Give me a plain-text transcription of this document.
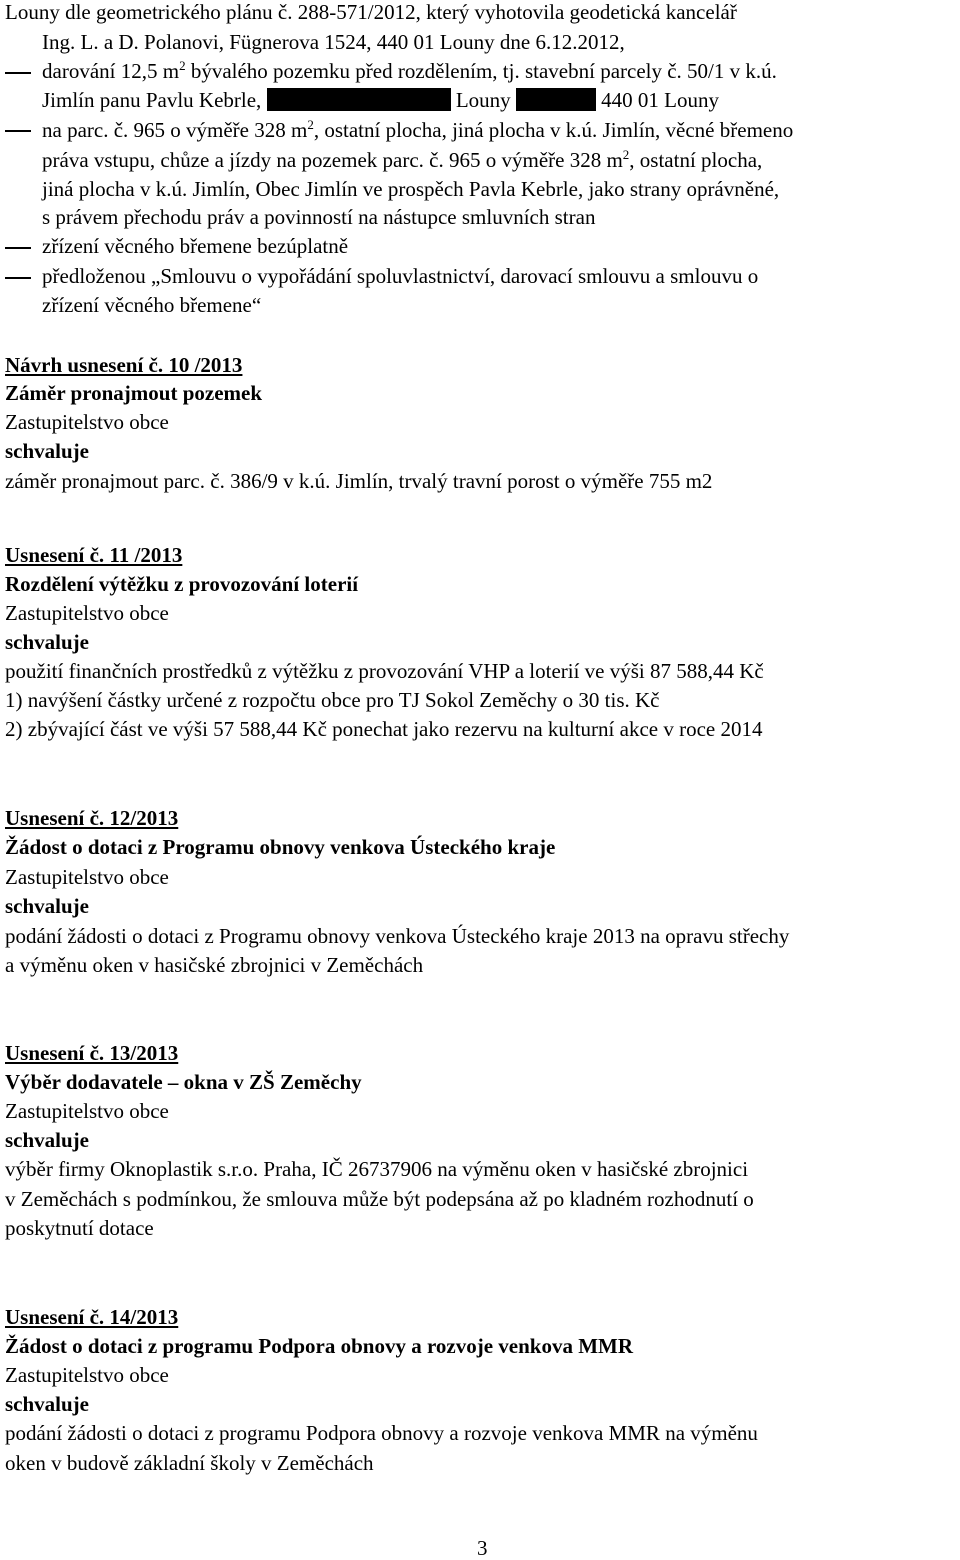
Louny dle geometrického plánu č. 288-571/2012, který vyhotovila geodetická kancelář
Ing. L. a D. Polanovi, Fügnerova 1524, 440 01 Louny dne 6.12.2012,
darování 12,5 $m^2$ bývalého pozemku před rozdělením, tj. stavební parcely č. 50/1 v k.ú.
Jimlín panu Pavlu Kebrle,	Louny	440 01 Louny
na parc. č. 965 o výměře 328 $m^2$, ostatní plocha, jiná plocha v k.ú. Jimlín, věcné břemeno
práva vstupu, chůze a jízdy na pozemek parc. č. 965 o výměře 328 $m^2$, ostatní plocha,
jiná plocha v k.ú. Jimlín, Obec Jimlín ve prospěch Pavla Kebrle, jako strany oprávněné,
s právem přechodu práv a povinností na nástupce smluvních stran
zřízení věcného břemene bezúplatně
předloženou „Smlouvu o vypořádání spoluvlastnictví, darovací smlouvu a smlouvu o
zřízení věcného břemene“
Návrh usnesení č. 10 /2013
Záměr pronajmout pozemek
Zastupitelstvo obce
schvaluje
záměr pronajmout parc. č. 386/9 v k.ú. Jimlín, trvalý travní porost o výměře 755 m2
Usnesení č. 11 /2013
Rozdělení výtěžku z provozování loterií
Zastupitelstvo obce
schvaluje
použití finančních prostředků z výtěžku z provozování VHP a loterií ve výši 87 588,44 Kč
1) navýšení částky určené z rozpočtu obce pro TJ Sokol Zeměchy o 30 tis. Kč
2) zbývající část ve výši 57 588,44 Kč ponechat jako rezervu na kulturní akce v roce 2014
Usnesení č. 12/2013
Žádost o dotaci z Programu obnovy venkova Ústeckého kraje
Zastupitelstvo obce
schvaluje
podání žádosti o dotaci z Programu obnovy venkova Ústeckého kraje 2013 na opravu střechy
a výměnu oken v hasičské zbrojnici v Zeměchách
Usnesení č. 13/2013
Výběr dodavatele – okna v ZŠ Zeměchy
Zastupitelstvo obce
schvaluje
výběr firmy Oknoplastik s.r.o. Praha, IČ 26737906 na výměnu oken v hasičské zbrojnici
v Zeměchách s podmínkou, že smlouva může být podepsána až po kladném rozhodnutí o
poskytnutí dotace
Usnesení č. 14/2013
Žádost o dotaci z programu Podpora obnovy a rozvoje venkova MMR
Zastupitelstvo obce
schvaluje
podání žádosti o dotaci z programu Podpora obnovy a rozvoje venkova MMR na výměnu
oken v budově základní školy v Zeměchách
3
